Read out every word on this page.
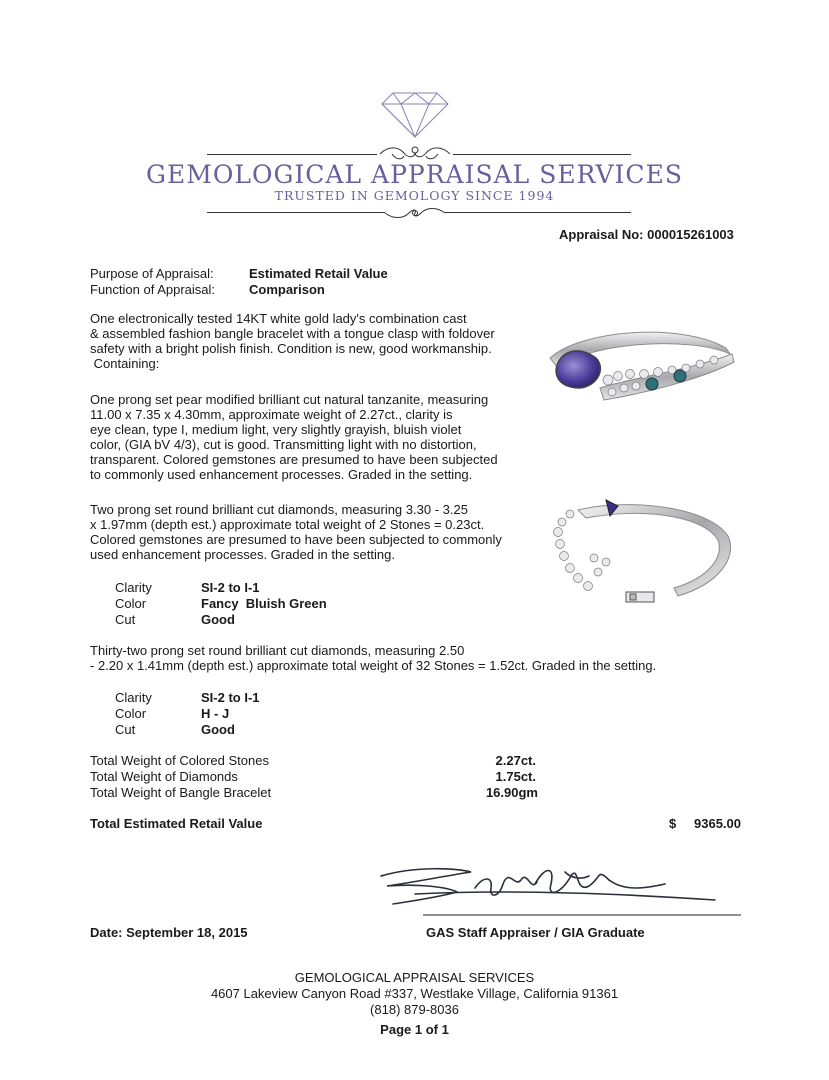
GEMOLOGICAL APPRAISAL SERVICES
TRUSTED IN GEMOLOGY SINCE 1994
Appraisal No: 000015261003
Purpose of Appraisal:	Estimated Retail Value
Function of Appraisal:	Comparison
One electronically tested 14KT white gold lady's combination cast
& assembled fashion bangle bracelet with a tongue clasp with foldover
safety with a bright polish finish. Condition is new, good workmanship.
Containing:
One prong set pear modified brilliant cut natural tanzanite, measuring
11.00 x 7.35 x 4.30mm, approximate weight of 2.27ct., clarity is
eye clean, type I, medium light, very slightly grayish, bluish violet
color, (GIA bV 4/3), cut is good. Transmitting light with no distortion,
transparent. Colored gemstones are presumed to have been subjected
to commonly used enhancement processes. Graded in the setting.
Two prong set round brilliant cut diamonds, measuring 3.30 - 3.25
x 1.97mm (depth est.) approximate total weight of 2 Stones = 0.23ct.
Colored gemstones are presumed to have been subjected to commonly
used enhancement processes. Graded in the setting.
Clarity	SI-2 to I-1
Color	Fancy  Bluish Green
Cut	Good
Thirty-two prong set round brilliant cut diamonds, measuring 2.50
- 2.20 x 1.41mm (depth est.) approximate total weight of 32 Stones = 1.52ct. Graded in the setting.
Clarity	SI-2 to I-1
Color	H - J
Cut	Good
Total Weight of Colored Stones	2.27ct.
Total Weight of Diamonds	1.75ct.
Total Weight of Bangle Bracelet	16.90gm
Total Estimated Retail Value	$	9365.00
Date: September 18, 2015	GAS Staff Appraiser / GIA Graduate
GEMOLOGICAL APPRAISAL SERVICES
4607 Lakeview Canyon Road #337, Westlake Village, California 91361
(818) 879-8036
Page 1 of 1
